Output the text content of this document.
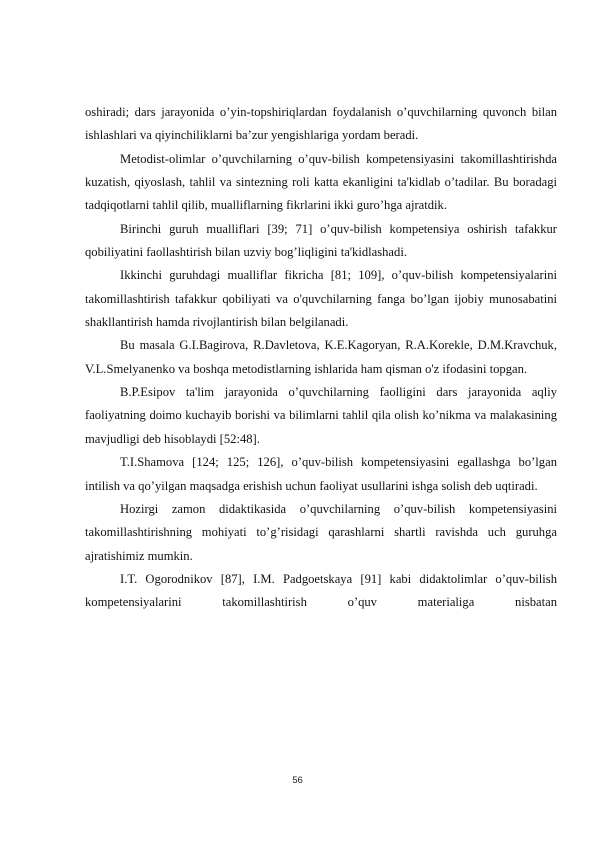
oshiradi; dars jarayonida o’yin-topshiriqlardan foydalanish o’quvchilarning quvonch bilan ishlashlari va qiyinchiliklarni ba’zur yengishlariga yordam beradi.

Metodist-olimlar o’quvchilarning o’quv-bilish kompetensiyasini takomillashtirishda kuzatish, qiyoslash, tahlil va sintezning roli katta ekanligini ta'kidlab o’tadilar. Bu boradagi tadqiqotlarni tahlil qilib, mualliflarning fikrlarini ikki guro’hga ajratdik.

Birinchi guruh mualliflari [39; 71] o’quv-bilish kompetensiya oshirish tafakkur qobiliyatini faollashtirish bilan uzviy bog’liqligini ta'kidlashadi.

Ikkinchi guruhdagi mualliflar fikricha [81; 109], o’quv-bilish kompetensiyalarini takomillashtirish tafakkur qobiliyati va o'quvchilarning fanga bo’lgan ijobiy munosabatini shakllantirish hamda rivojlantirish bilan belgilanadi.

Bu masala G.I.Bagirova, R.Davletova, K.E.Kagoryan, R.A.Korekle, D.M.Kravchuk, V.L.Smelyanenko va boshqa metodistlarning ishlarida ham qisman o'z ifodasini topgan.

B.P.Esipov ta'lim jarayonida o’quvchilarning faolligini dars jarayonida aqliy faoliyatning doimo kuchayib borishi va bilimlarni tahlil qila olish ko’nikma va malakasining mavjudligi deb hisoblaydi [52:48].

T.I.Shamova [124; 125; 126], o’quv-bilish kompetensiyasini egallashga bo’lgan intilish va qo’yilgan maqsadga erishish uchun faoliyat usullarini ishga solish deb uqtiradi.

Hozirgi zamon didaktikasida o’quvchilarning o’quv-bilish kompetensiyasini takomillashtirishning mohiyati to’g’risidagi qarashlarni shartli ravishda uch guruhga ajratishimiz mumkin.

I.T. Ogorodnikov [87], I.M. Padgoetskaya [91] kabi didaktolimlar o’quv-bilish kompetensiyalarini takomillashtirish o’quv materialiga nisbatan

56
